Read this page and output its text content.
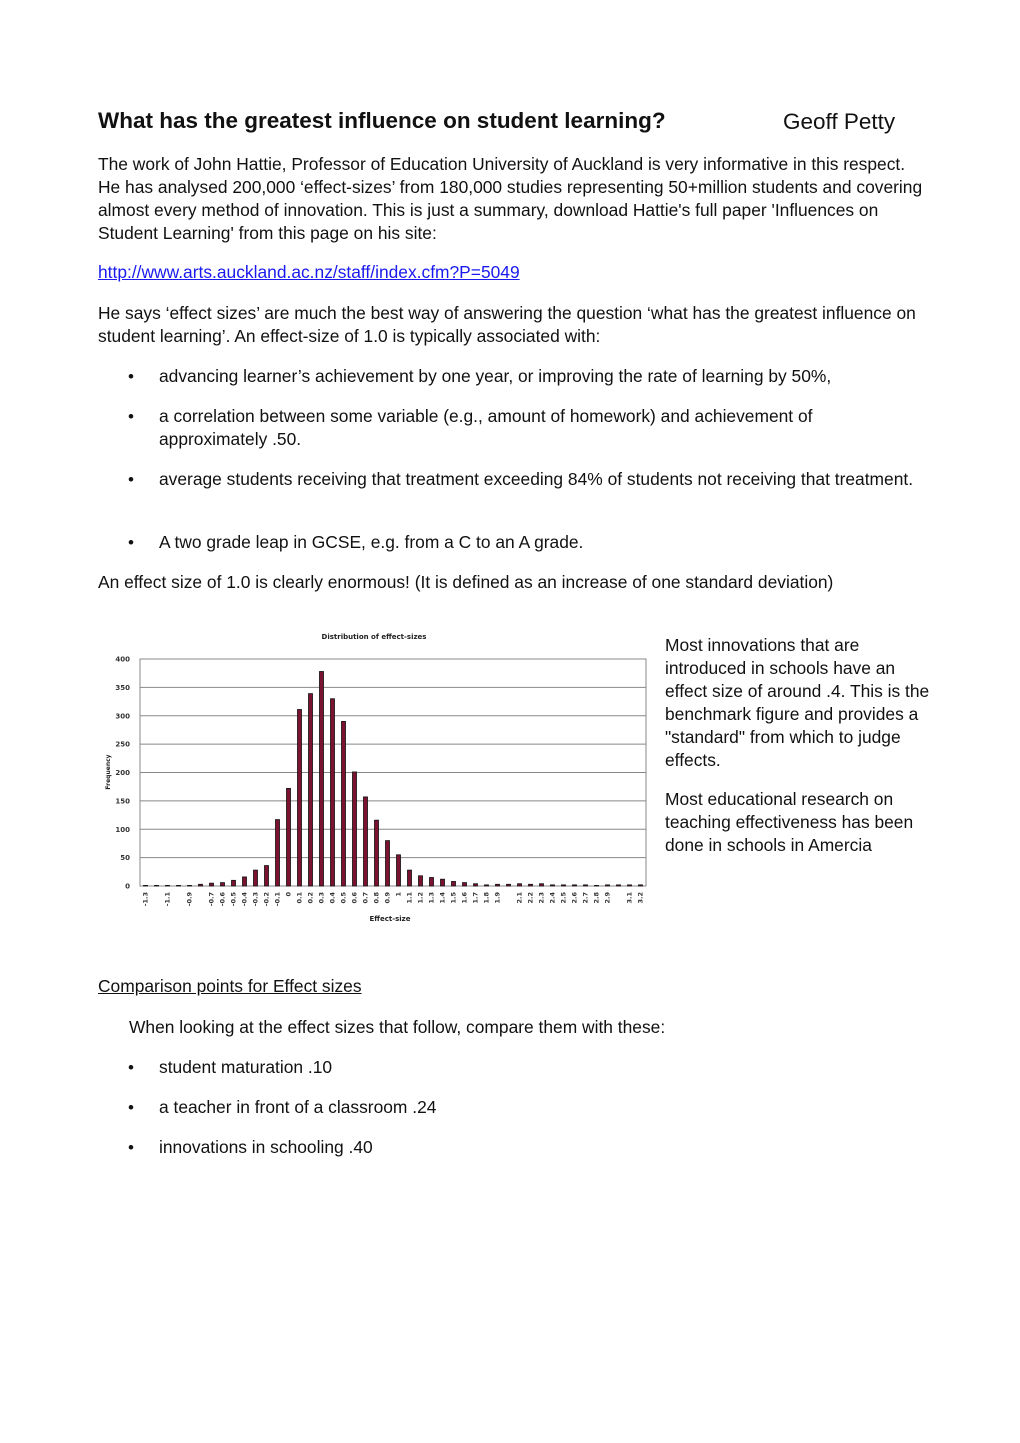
What has the greatest influence on student learning?	Geoff Petty
The work of John Hattie, Professor of Education University of Auckland is very informative in this respect. He has analysed 200,000 ‘effect-sizes’ from 180,000 studies representing 50+million students and covering almost every method of innovation. This is just a summary, download Hattie's full paper 'Influences on Student Learning' from this page on his site:
http://www.arts.auckland.ac.nz/staff/index.cfm?P=5049
He says ‘effect sizes’ are much the best way of answering the question ‘what has the greatest influence on student learning’. An effect-size of 1.0 is typically associated with:
• advancing learner’s achievement by one year, or improving the rate of learning by 50%,
• a correlation between some variable (e.g., amount of homework) and achievement of approximately .50.
• average students receiving that treatment exceeding 84% of students not receiving that treatment.
• A two grade leap in GCSE, e.g. from a C to an A grade.
An effect size of 1.0 is clearly enormous! (It is defined as an increase of one standard deviation)
0
50
100
150
200
250
300
350
400
-1.3 -1.1 -0.9 -0.7 -0.6 -0.5 -0.4 -0.3 -0.2 -0.1 0 0.1 0.2 0.3 0.4 0.5 0.6 0.7 0.8 0.9 1 1.1 1.2 1.3 1.4 1.5 1.6 1.7 1.8 1.9 2.1 2.2 2.3 2.4 2.5 2.6 2.7 2.8 2.9 3.1 3.2
Distribution of effect-sizes
Effect-size
Frequency
Most innovations that are introduced in schools have an effect size of around .4. This is the benchmark figure and provides a "standard" from which to judge effects.
Most educational research on teaching effectiveness has been done in schools in Amercia
Comparison points for Effect sizes
When looking at the effect sizes that follow, compare them with these:
• student maturation .10
• a teacher in front of a classroom .24
• innovations in schooling .40
